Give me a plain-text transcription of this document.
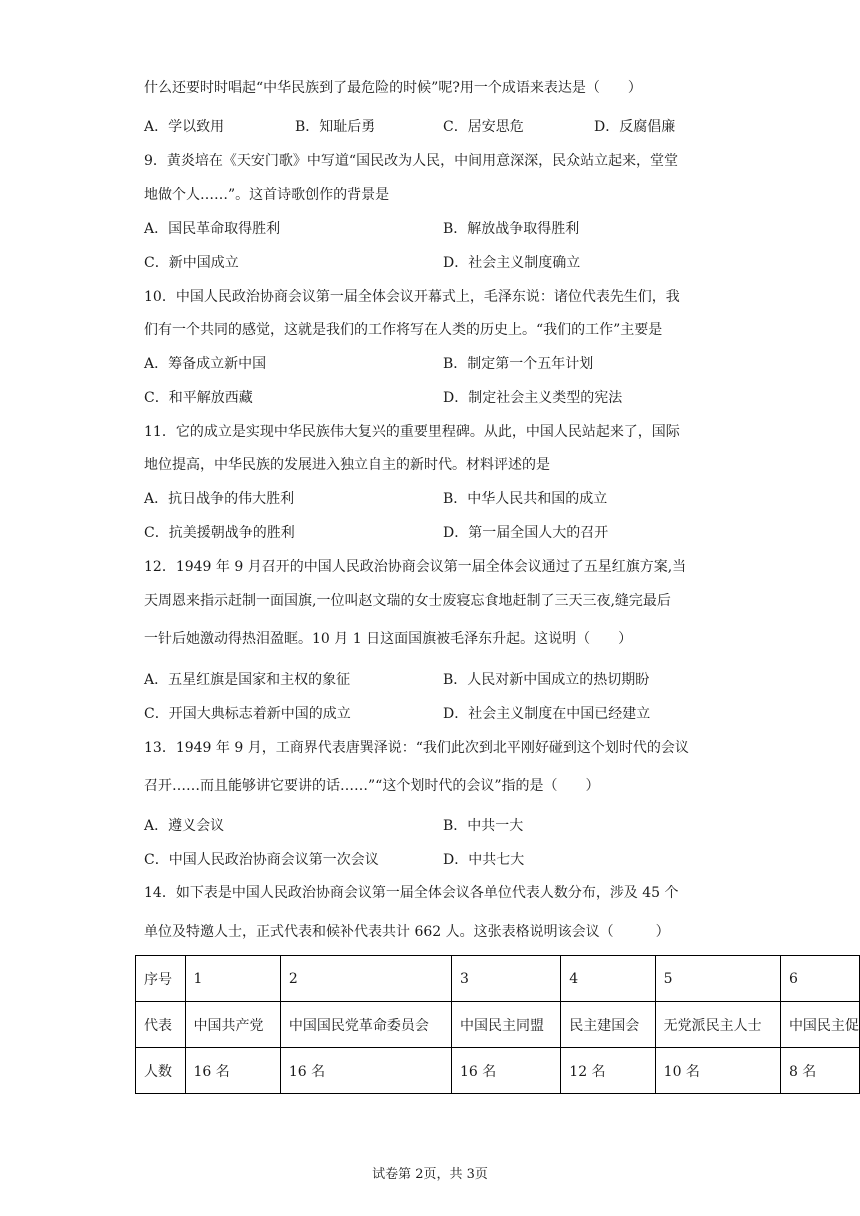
什么还要时时唱起“中华民族到了最危险的时候”呢?用一个成语来表达是（　　）
A．学以致用	B．知耻后勇	C．居安思危	D．反腐倡廉
9．黄炎培在《天安门歌》中写道“国民改为人民，中间用意深深，民众站立起来，堂堂
地做个人……”。这首诗歌创作的背景是
A．国民革命取得胜利	B．解放战争取得胜利
C．新中国成立	D．社会主义制度确立
10．中国人民政治协商会议第一届全体会议开幕式上，毛泽东说：诸位代表先生们，我
们有一个共同的感觉，这就是我们的工作将写在人类的历史上。“我们的工作”主要是
A．筹备成立新中国	B．制定第一个五年计划
C．和平解放西藏	D．制定社会主义类型的宪法
11．它的成立是实现中华民族伟大复兴的重要里程碑。从此，中国人民站起来了，国际
地位提高，中华民族的发展进入独立自主的新时代。材料评述的是
A．抗日战争的伟大胜利	B．中华人民共和国的成立
C．抗美援朝战争的胜利	D．第一届全国人大的召开
12．1949 年 9 月召开的中国人民政治协商会议第一届全体会议通过了五星红旗方案,当
天周恩来指示赶制一面国旗,一位叫赵文瑞的女士废寝忘食地赶制了三天三夜,缝完最后
一针后她激动得热泪盈眶。10 月 1 日这面国旗被毛泽东升起。这说明（　　）
A．五星红旗是国家和主权的象征	B．人民对新中国成立的热切期盼
C．开国大典标志着新中国的成立	D．社会主义制度在中国已经建立
13．1949 年 9 月，工商界代表唐巽泽说：“我们此次到北平刚好碰到这个划时代的会议
召开……而且能够讲它要讲的话……”“这个划时代的会议”指的是（　　）
A．遵义会议	B．中共一大
C．中国人民政治协商会议第一次会议	D．中共七大
14．如下表是中国人民政治协商会议第一届全体会议各单位代表人数分布，涉及 45 个
单位及特邀人士，正式代表和候补代表共计 662 人。这张表格说明该会议（　　　）
序号	1	2	3	4	5	6
代表	中国共产党	中国国民党革命委员会	中国民主同盟	民主建国会	无党派民主人士	中国民主促
人数	16 名	16 名	16 名	12 名	10 名	8 名
试卷第 2页，共 3页
